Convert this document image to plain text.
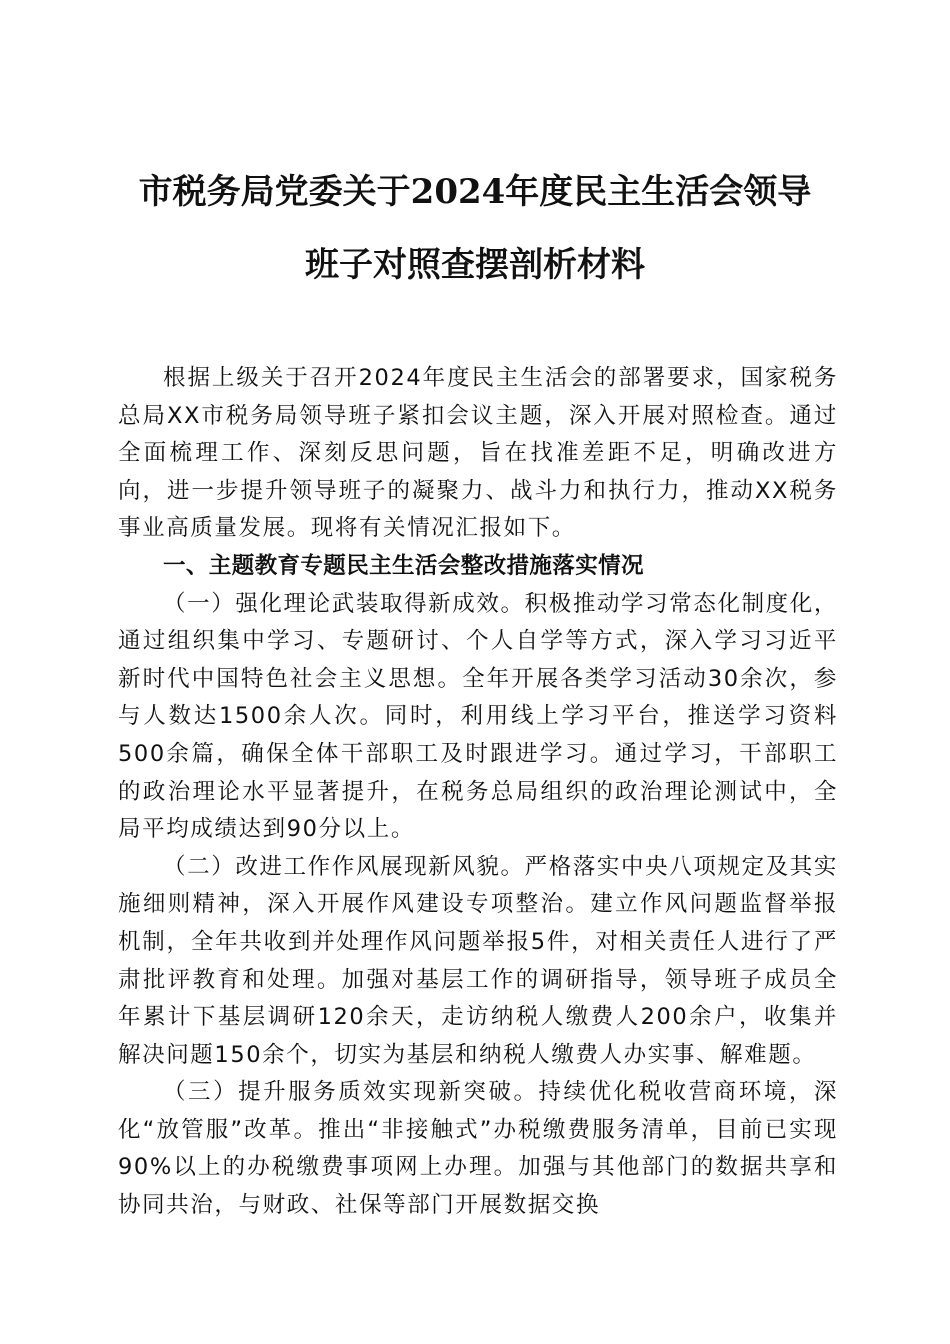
市税务局党委关于2024年度民主生活会领导
班子对照查摆剖析材料

根据上级关于召开2024年度民主生活会的部署要求，国家税务总局XX市税务局领导班子紧扣会议主题，深入开展对照检查。通过全面梳理工作、深刻反思问题，旨在找准差距不足，明确改进方向，进一步提升领导班子的凝聚力、战斗力和执行力，推动XX税务事业高质量发展。现将有关情况汇报如下。

一、主题教育专题民主生活会整改措施落实情况

（一）强化理论武装取得新成效。积极推动学习常态化制度化，通过组织集中学习、专题研讨、个人自学等方式，深入学习习近平新时代中国特色社会主义思想。全年开展各类学习活动30余次，参与人数达1500余人次。同时，利用线上学习平台，推送学习资料500余篇，确保全体干部职工及时跟进学习。通过学习，干部职工的政治理论水平显著提升，在税务总局组织的政治理论测试中，全局平均成绩达到90分以上。

（二）改进工作作风展现新风貌。严格落实中央八项规定及其实施细则精神，深入开展作风建设专项整治。建立作风问题监督举报机制，全年共收到并处理作风问题举报5件，对相关责任人进行了严肃批评教育和处理。加强对基层工作的调研指导，领导班子成员全年累计下基层调研120余天，走访纳税人缴费人200余户，收集并解决问题150余个，切实为基层和纳税人缴费人办实事、解难题。

（三）提升服务质效实现新突破。持续优化税收营商环境，深化“放管服”改革。推出“非接触式”办税缴费服务清单，目前已实现90%以上的办税缴费事项网上办理。加强与其他部门的数据共享和协同共治，与财政、社保等部门开展数据交换
